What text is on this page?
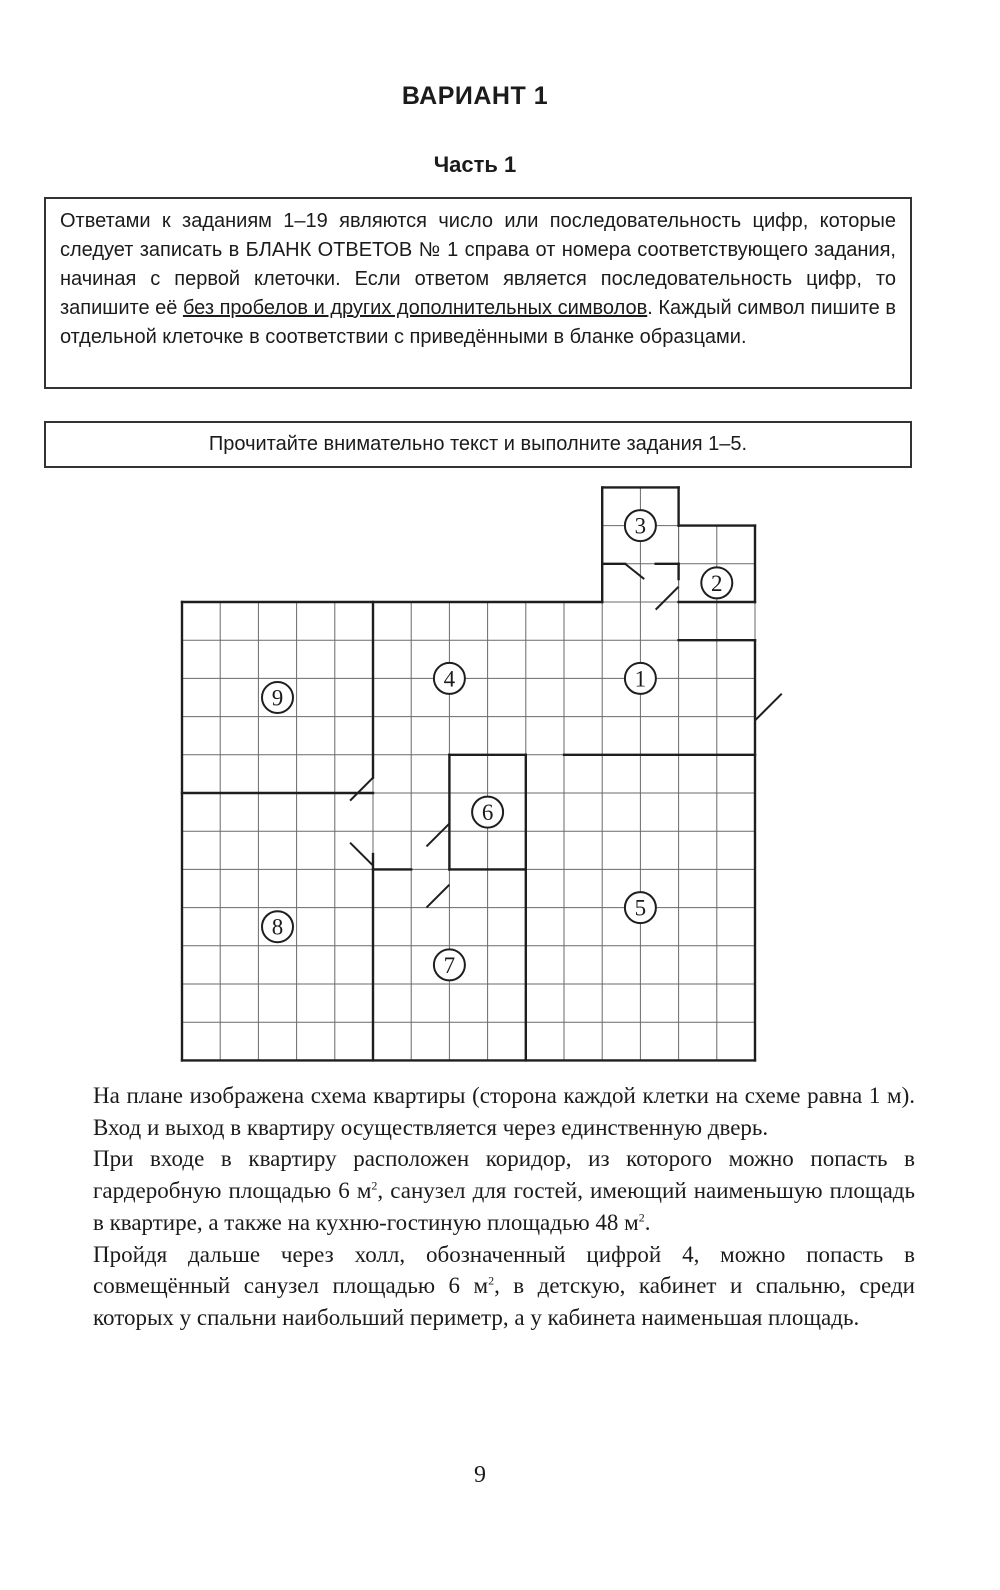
ВАРИАНТ 1
Часть 1
Ответами к заданиям 1–19 являются число или последовательность цифр, которые следует записать в БЛАНК ОТВЕТОВ № 1 справа от номера соответствующего задания, начиная с первой клеточки. Если ответом является последовательность цифр, то запишите её без пробелов и других дополнительных символов. Каждый символ пишите в отдельной клеточке в соответствии с приведёнными в бланке образцами.
Прочитайте внимательно текст и выполните задания 1–5.
1
2
3
4
5
6
7
8
9

На плане изображена схема квартиры (сторона каждой клетки на схеме равна 1 м). Вход и выход в квартиру осуществляется через единственную дверь.

При входе в квартиру расположен коридор, из которого можно попасть в гардеробную площадью 6 $м^2$, санузел для гостей, имеющий наименьшую площадь в квартире, а также на кухню-гостиную площадью 48 $м^2$.

Пройдя дальше через холл, обозначенный цифрой 4, можно попасть в совмещённый санузел площадью 6 $м^2$, в детскую, кабинет и спальню, среди которых у спальни наибольший периметр, а у кабинета наименьшая площадь.

9
